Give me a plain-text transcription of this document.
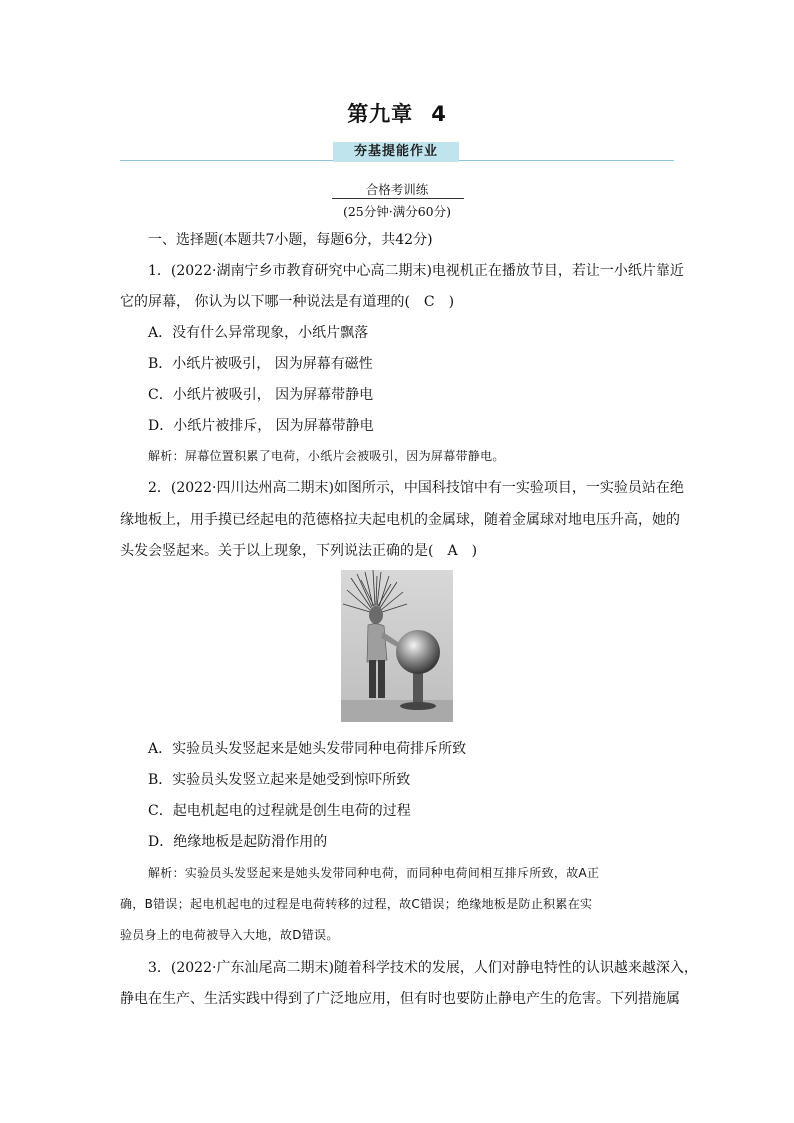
第九章 4
夯基提能作业
合格考训练
(25分钟·满分60分)
一、选择题(本题共7小题，每题6分，共42分)
1．(2022·湖南宁乡市教育研究中心高二期末)电视机正在播放节目，若让一小纸片靠近
它的屏幕， 你认为以下哪一种说法是有道理的(　C　)
A．没有什么异常现象，小纸片飘落
B．小纸片被吸引， 因为屏幕有磁性
C．小纸片被吸引， 因为屏幕带静电
D．小纸片被排斥， 因为屏幕带静电
解析：屏幕位置积累了电荷，小纸片会被吸引，因为屏幕带静电。
2．(2022·四川达州高二期末)如图所示，中国科技馆中有一实验项目，一实验员站在绝
缘地板上，用手摸已经起电的范德格拉夫起电机的金属球，随着金属球对地电压升高，她的
头发会竖起来。关于以上现象，下列说法正确的是(　A　)
A．实验员头发竖起来是她头发带同种电荷排斥所致
B．实验员头发竖立起来是她受到惊吓所致
C．起电机起电的过程就是创生电荷的过程
D．绝缘地板是起防滑作用的
解析：实验员头发竖起来是她头发带同种电荷，而同种电荷间相互排斥所致，故A正
确，B错误；起电机起电的过程是电荷转移的过程，故C错误；绝缘地板是防止积累在实
验员身上的电荷被导入大地，故D错误。
3．(2022·广东汕尾高二期末)随着科学技术的发展，人们对静电特性的认识越来越深入，
静电在生产、生活实践中得到了广泛地应用，但有时也要防止静电产生的危害。下列措施属
